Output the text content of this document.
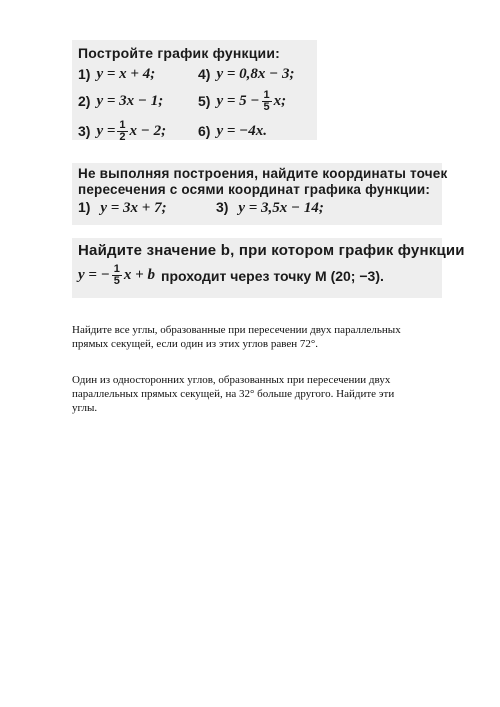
Постройте график функции:
1) y = x + 4;	4) y = 0,8x − 3;
2) y = 3x − 1; 5) $y = 5 - \frac{1}{5} x$;
3) $y = \frac{1}{2}$ x − 2; 6) y = −4x.
Не выполняя построения, найдите координаты точек
пересечения с осями координат графика функции:
1) y = 3x + 7;	3) y = 3,5x − 14;
Найдите значение b, при котором график функции
y = − $\frac{1}{5}$ x + b проходит через точку M (20; −3).
Найдите все углы, образованные при пересечении двух параллельных прямых секущей, если один из этих углов равен 72°.
Один из односторонних углов, образованных при пересечении двух параллельных прямых секущей, на 32° больше другого. Найдите эти углы.
